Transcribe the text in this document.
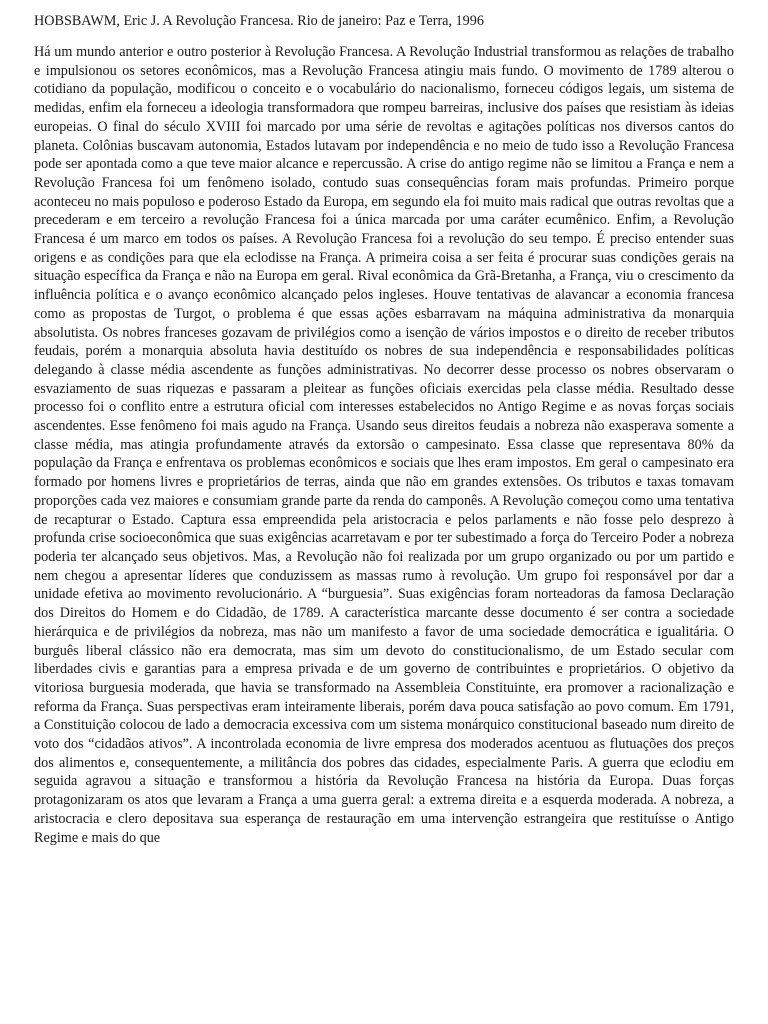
HOBSBAWM, Eric J. A Revolução Francesa. Rio de janeiro: Paz e Terra, 1996

Há um mundo anterior e outro posterior à Revolução Francesa. A Revolução Industrial transformou as relações de trabalho e impulsionou os setores econômicos, mas a Revolução Francesa atingiu mais fundo. O movimento de 1789 alterou o cotidiano da população, modificou o conceito e o vocabulário do nacionalismo, forneceu códigos legais, um sistema de medidas, enfim ela forneceu a ideologia transformadora que rompeu barreiras, inclusive dos países que resistiam às ideias europeias. O final do século XVIII foi marcado por uma série de revoltas e agitações políticas nos diversos cantos do planeta. Colônias buscavam autonomia, Estados lutavam por independência e no meio de tudo isso a Revolução Francesa pode ser apontada como a que teve maior alcance e repercussão. A crise do antigo regime não se limitou a França e nem a Revolução Francesa foi um fenômeno isolado, contudo suas consequências foram mais profundas. Primeiro porque aconteceu no mais populoso e poderoso Estado da Europa, em segundo ela foi muito mais radical que outras revoltas que a precederam e em terceiro a revolução Francesa foi a única marcada por uma caráter ecumênico. Enfim, a Revolução Francesa é um marco em todos os países. A Revolução Francesa foi a revolução do seu tempo. É preciso entender suas origens e as condições para que ela eclodisse na França. A primeira coisa a ser feita é procurar suas condições gerais na situação específica da França e não na Europa em geral. Rival econômica da Grã-Bretanha, a França, viu o crescimento da influência política e o avanço econômico alcançado pelos ingleses. Houve tentativas de alavancar a economia francesa como as propostas de Turgot, o problema é que essas ações esbarravam na máquina administrativa da monarquia absolutista. Os nobres franceses gozavam de privilégios como a isenção de vários impostos e o direito de receber tributos feudais, porém a monarquia absoluta havia destituído os nobres de sua independência e responsabilidades políticas delegando à classe média ascendente as funções administrativas. No decorrer desse processo os nobres observaram o esvaziamento de suas riquezas e passaram a pleitear as funções oficiais exercidas pela classe média. Resultado desse processo foi o conflito entre a estrutura oficial com interesses estabelecidos no Antigo Regime e as novas forças sociais ascendentes. Esse fenômeno foi mais agudo na França. Usando seus direitos feudais a nobreza não exasperava somente a classe média, mas atingia profundamente através da extorsão o campesinato. Essa classe que representava 80% da população da França e enfrentava os problemas econômicos e sociais que lhes eram impostos. Em geral o campesinato era formado por homens livres e proprietários de terras, ainda que não em grandes extensões. Os tributos e taxas tomavam proporções cada vez maiores e consumiam grande parte da renda do camponês. A Revolução começou como uma tentativa de recapturar o Estado. Captura essa empreendida pela aristocracia e pelos parlaments e não fosse pelo desprezo à profunda crise socioeconômica que suas exigências acarretavam e por ter subestimado a força do Terceiro Poder a nobreza poderia ter alcançado seus objetivos. Mas, a Revolução não foi realizada por um grupo organizado ou por um partido e nem chegou a apresentar líderes que conduzissem as massas rumo à revolução. Um grupo foi responsável por dar a unidade efetiva ao movimento revolucionário. A “burguesia”. Suas exigências foram norteadoras da famosa Declaração dos Direitos do Homem e do Cidadão, de 1789. A característica marcante desse documento é ser contra a sociedade hierárquica e de privilégios da nobreza, mas não um manifesto a favor de uma sociedade democrática e igualitária. O burguês liberal clássico não era democrata, mas sim um devoto do constitucionalismo, de um Estado secular com liberdades civis e garantias para a empresa privada e de um governo de contribuintes e proprietários. O objetivo da vitoriosa burguesia moderada, que havia se transformado na Assembleia Constituinte, era promover a racionalização e reforma da França. Suas perspectivas eram inteiramente liberais, porém dava pouca satisfação ao povo comum. Em 1791, a Constituição colocou de lado a democracia excessiva com um sistema monárquico constitucional baseado num direito de voto dos “cidadãos ativos”. A incontrolada economia de livre empresa dos moderados acentuou as flutuações dos preços dos alimentos e, consequentemente, a militância dos pobres das cidades, especialmente Paris. A guerra que eclodiu em seguida agravou a situação e transformou a história da Revolução Francesa na história da Europa. Duas forças protagonizaram os atos que levaram a França a uma guerra geral: a extrema direita e a esquerda moderada. A nobreza, a aristocracia e clero depositava sua esperança de restauração em uma intervenção estrangeira que restituísse o Antigo Regime e mais do que
